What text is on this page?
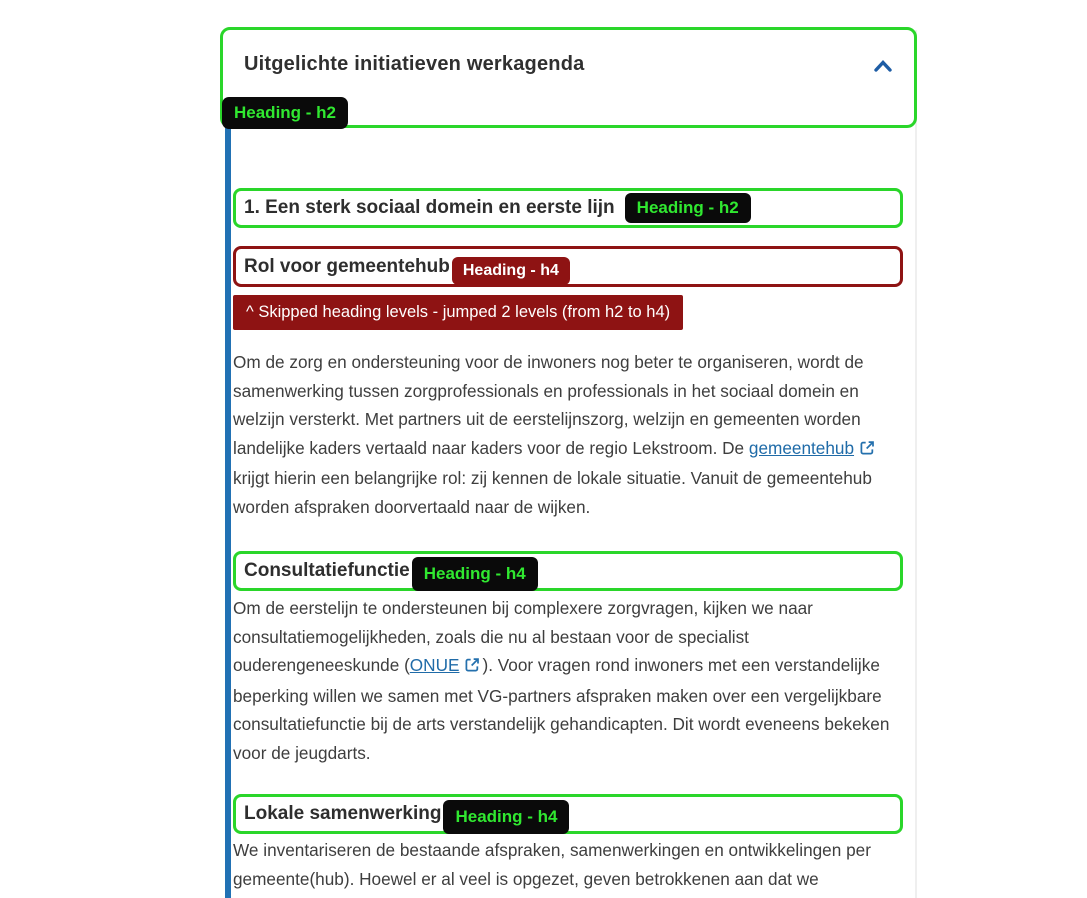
Uitgelichte initiatieven werkagenda
Heading - h2
1. Een sterk sociaal domein en eerste lijn	Heading - h2
Rol voor gemeentehub Heading - h4
^ Skipped heading levels - jumped 2 levels (from h2 to h4)

Om de zorg en ondersteuning voor de inwoners nog beter te organiseren, wordt de samenwerking tussen zorgprofessionals en professionals in het sociaal domein en welzijn versterkt. Met partners uit de eerstelijnszorg, welzijn en gemeenten worden landelijke kaders vertaald naar kaders voor de regio Lekstroom. De gemeentehub krijgt hierin een belangrijke rol: zij kennen de lokale situatie. Vanuit de gemeentehub worden afspraken doorvertaald naar de wijken.

Consultatiefunctie Heading - h4

Om de eerstelijn te ondersteunen bij complexere zorgvragen, kijken we naar consultatiemogelijkheden, zoals die nu al bestaan voor de specialist ouderengeneeskunde (ONUE ). Voor vragen rond inwoners met een verstandelijke beperking willen we samen met VG-partners afspraken maken over een vergelijkbare consultatiefunctie bij de arts verstandelijk gehandicapten. Dit wordt eveneens bekeken voor de jeugdarts.

Lokale samenwerking Heading - h4

We inventariseren de bestaande afspraken, samenwerkingen en ontwikkelingen per gemeente(hub). Hoewel er al veel is opgezet, geven betrokkenen aan dat we
